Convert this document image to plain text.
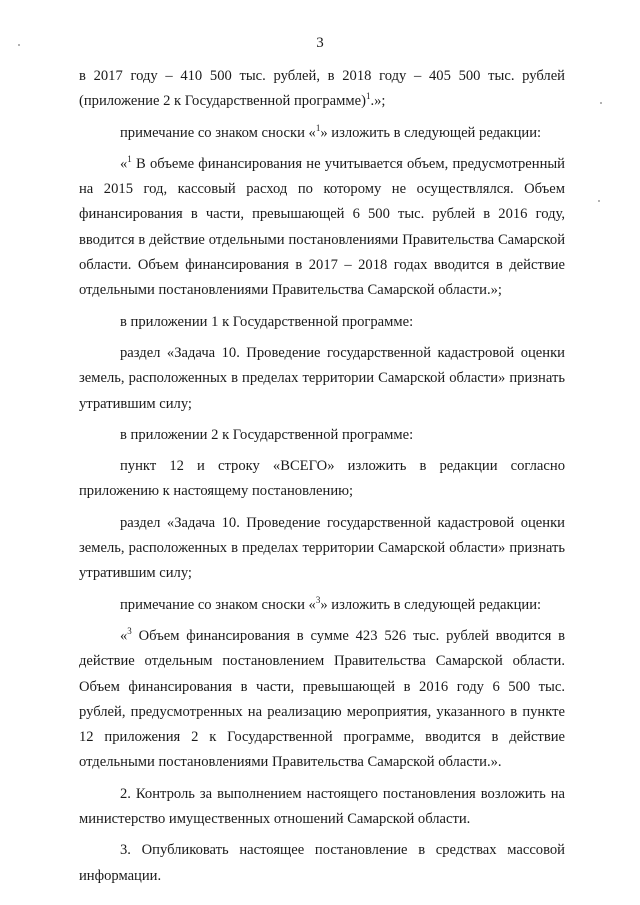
3

в 2017 году – 410 500 тыс. рублей, в 2018 году – 405 500 тыс. рублей (приложение 2 к Государственной программе)$^1$.»;

примечание со знаком сноски «$^1$» изложить в следующей редакции:

«$^1$ В объеме финансирования не учитывается объем, предусмотренный на 2015 год, кассовый расход по которому не осуществлялся. Объем финансирования в части, превышающей 6 500 тыс. рублей в 2016 году, вводится в действие отдельными постановлениями Правительства Самарской области. Объем финансирования в 2017 – 2018 годах вводится в действие отдельными постановлениями Правительства Самарской области.»;

в приложении 1 к Государственной программе:

раздел «Задача 10. Проведение государственной кадастровой оценки земель, расположенных в пределах территории Самарской области» признать утратившим силу;

в приложении 2 к Государственной программе:

пункт 12 и строку «ВСЕГО» изложить в редакции согласно приложению к настоящему постановлению;

раздел «Задача 10. Проведение государственной кадастровой оценки земель, расположенных в пределах территории Самарской области» признать утратившим силу;

примечание со знаком сноски «$^3$» изложить в следующей редакции:

«$^3$ Объем финансирования в сумме 423 526 тыс. рублей вводится в действие отдельным постановлением Правительства Самарской области. Объем финансирования в части, превышающей в 2016 году 6 500 тыс. рублей, предусмотренных на реализацию мероприятия, указанного в пункте 12 приложения 2 к Государственной программе, вводится в действие отдельными постановлениями Правительства Самарской области.».

2. Контроль за выполнением настоящего постановления возложить на министерство имущественных отношений Самарской области.

3. Опубликовать настоящее постановление в средствах массовой информации.
